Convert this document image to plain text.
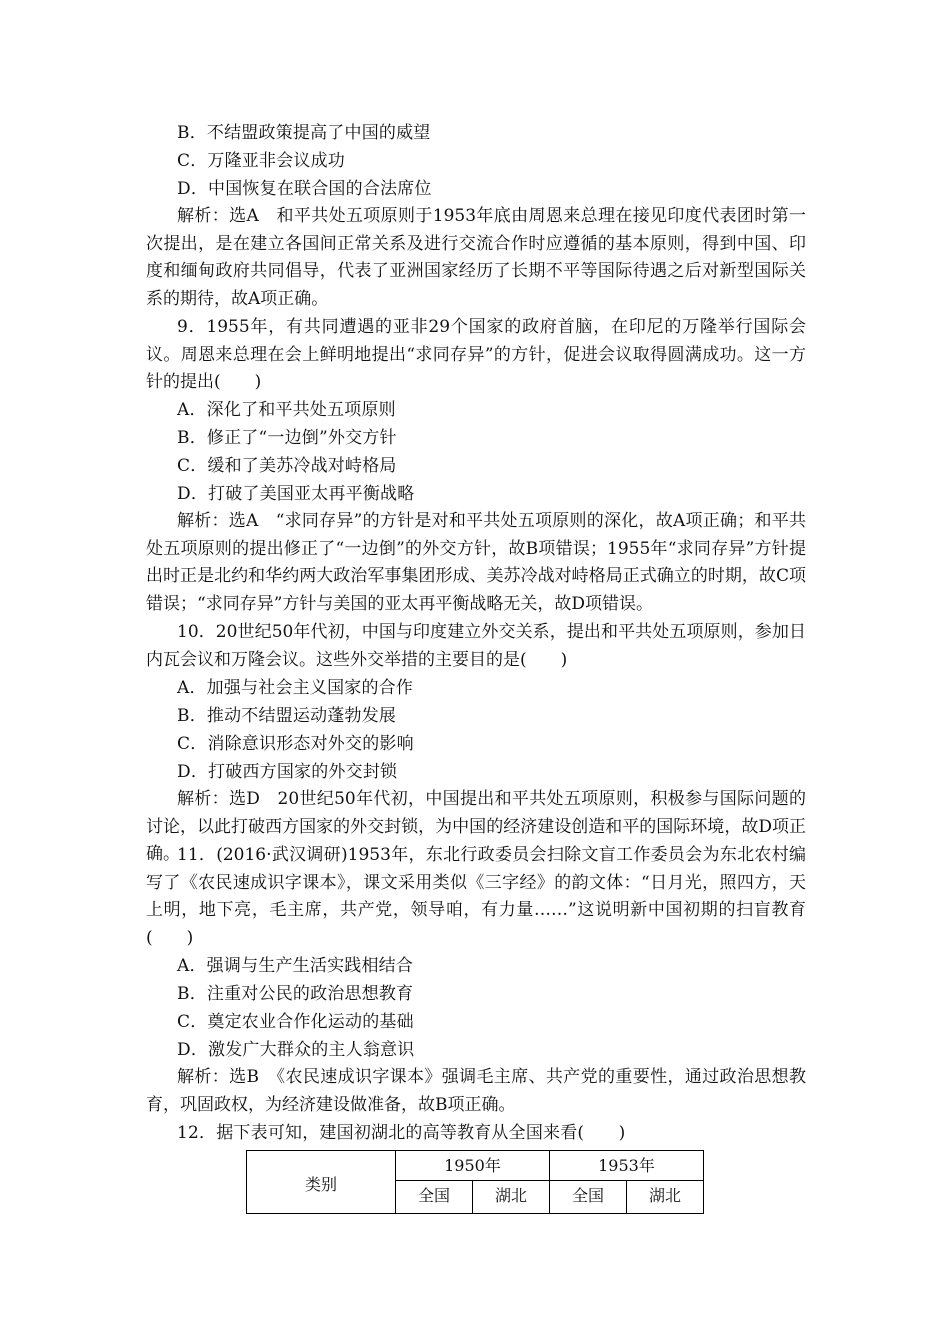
B．不结盟政策提高了中国的威望
C．万隆亚非会议成功
D．中国恢复在联合国的合法席位
解析：选A　和平共处五项原则于1953年底由周恩来总理在接见印度代表团时第一次提出，是在建立各国间正常关系及进行交流合作时应遵循的基本原则，得到中国、印度和缅甸政府共同倡导，代表了亚洲国家经历了长期不平等国际待遇之后对新型国际关系的期待，故A项正确。
9．1955年，有共同遭遇的亚非29个国家的政府首脑，在印尼的万隆举行国际会议。周恩来总理在会上鲜明地提出“求同存异”的方针，促进会议取得圆满成功。这一方针的提出(　　)
A．深化了和平共处五项原则
B．修正了“一边倒”外交方针
C．缓和了美苏冷战对峙格局
D．打破了美国亚太再平衡战略
解析：选A　“求同存异”的方针是对和平共处五项原则的深化，故A项正确；和平共处五项原则的提出修正了“一边倒”的外交方针，故B项错误；1955年“求同存异”方针提出时正是北约和华约两大政治军事集团形成、美苏冷战对峙格局正式确立的时期，故C项错误；“求同存异”方针与美国的亚太再平衡战略无关，故D项错误。
10．20世纪50年代初，中国与印度建立外交关系，提出和平共处五项原则，参加日内瓦会议和万隆会议。这些外交举措的主要目的是(　　)
A．加强与社会主义国家的合作
B．推动不结盟运动蓬勃发展
C．消除意识形态对外交的影响
D．打破西方国家的外交封锁
解析：选D　20世纪50年代初，中国提出和平共处五项原则，积极参与国际问题的讨论，以此打破西方国家的外交封锁，为中国的经济建设创造和平的国际环境，故D项正确。
11．(2016·武汉调研)1953年，东北行政委员会扫除文盲工作委员会为东北农村编写了《农民速成识字课本》，课文采用类似《三字经》的韵文体：“日月光，照四方，天上明，地下亮，毛主席，共产党，领导咱，有力量……”这说明新中国初期的扫盲教育(　　)
A．强调与生产生活实践相结合
B．注重对公民的政治思想教育
C．奠定农业合作化运动的基础
D．激发广大群众的主人翁意识
解析：选B　《农民速成识字课本》强调毛主席、共产党的重要性，通过政治思想教育，巩固政权，为经济建设做准备，故B项正确。
12．据下表可知，建国初湖北的高等教育从全国来看(　　)
类别	1950年		1953年	
	全国	湖北	全国	湖北
